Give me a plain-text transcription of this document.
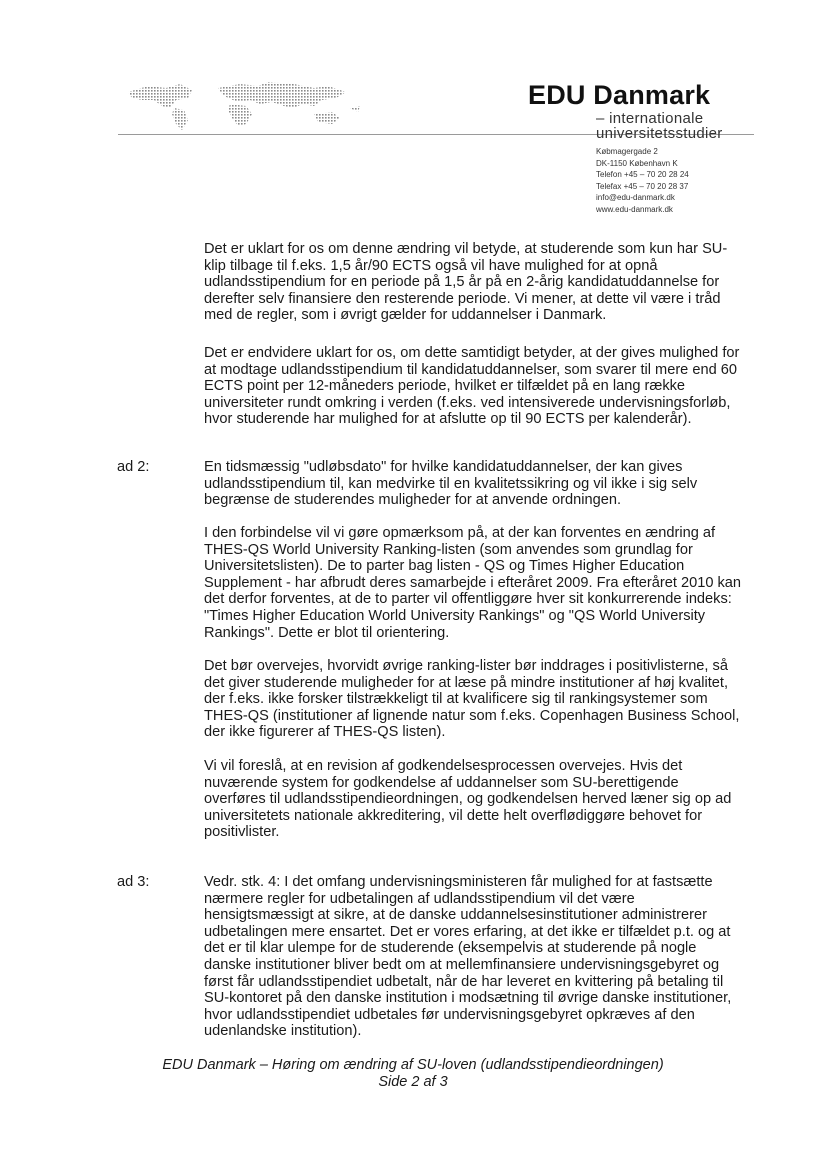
EDU Danmark
– internationale
universitetsstudier
Købmagergade 2
DK-1150 København K
Telefon +45 – 70 20 28 24
Telefax +45 – 70 20 28 37
info@edu-danmark.dk
www.edu-danmark.dk

Det er uklart for os om denne ændring vil betyde, at studerende som kun har SU-klip tilbage til f.eks. 1,5 år/90 ECTS også vil have mulighed for at opnå udlandsstipendium for en periode på 1,5 år på en 2-årig kandidatuddannelse for derefter selv finansiere den resterende periode. Vi mener, at dette vil være i tråd med de regler, som i øvrigt gælder for uddannelser i Danmark.

Det er endvidere uklart for os, om dette samtidigt betyder, at der gives mulighed for at modtage udlandsstipendium til kandidatuddannelser, som svarer til mere end 60 ECTS point per 12-måneders periode, hvilket er tilfældet på en lang række universiteter rundt omkring i verden (f.eks. ved intensiverede undervisningsforløb, hvor studerende har mulighed for at afslutte op til 90 ECTS per kalenderår).

ad 2:	En tidsmæssig "udløbsdato" for hvilke kandidatuddannelser, der kan gives udlandsstipendium til, kan medvirke til en kvalitetssikring og vil ikke i sig selv begrænse de studerendes muligheder for at anvende ordningen.

I den forbindelse vil vi gøre opmærksom på, at der kan forventes en ændring af THES-QS World University Ranking-listen (som anvendes som grundlag for Universitetslisten). De to parter bag listen - QS og Times Higher Education Supplement - har afbrudt deres samarbejde i efteråret 2009. Fra efteråret 2010 kan det derfor forventes, at de to parter vil offentliggøre hver sit konkurrerende indeks: "Times Higher Education World University Rankings" og "QS World University Rankings". Dette er blot til orientering.

Det bør overvejes, hvorvidt øvrige ranking-lister bør inddrages i positivlisterne, så det giver studerende muligheder for at læse på mindre institutioner af høj kvalitet, der f.eks. ikke forsker tilstrækkeligt til at kvalificere sig til rankingsystemer som THES-QS (institutioner af lignende natur som f.eks. Copenhagen Business School, der ikke figurerer af THES-QS listen).

Vi vil foreslå, at en revision af godkendelsesprocessen overvejes. Hvis det nuværende system for godkendelse af uddannelser som SU-berettigende overføres til udlandsstipendieordningen, og godkendelsen herved læner sig op ad universitetets nationale akkreditering, vil dette helt overflødiggøre behovet for positivlister.

ad 3:	Vedr. stk. 4: I det omfang undervisningsministeren får mulighed for at fastsætte nærmere regler for udbetalingen af udlandsstipendium vil det være hensigtsmæssigt at sikre, at de danske uddannelsesinstitutioner administrerer udbetalingen mere ensartet. Det er vores erfaring, at det ikke er tilfældet p.t. og at det er til klar ulempe for de studerende (eksempelvis at studerende på nogle danske institutioner bliver bedt om at mellemfinansiere undervisningsgebyret og først får udlandsstipendiet udbetalt, når de har leveret en kvittering på betaling til SU-kontoret på den danske institution i modsætning til øvrige danske institutioner, hvor udlandsstipendiet udbetales før undervisningsgebyret opkræves af den udenlandske institution).

EDU Danmark – Høring om ændring af SU-loven (udlandsstipendieordningen)
Side 2 af 3
